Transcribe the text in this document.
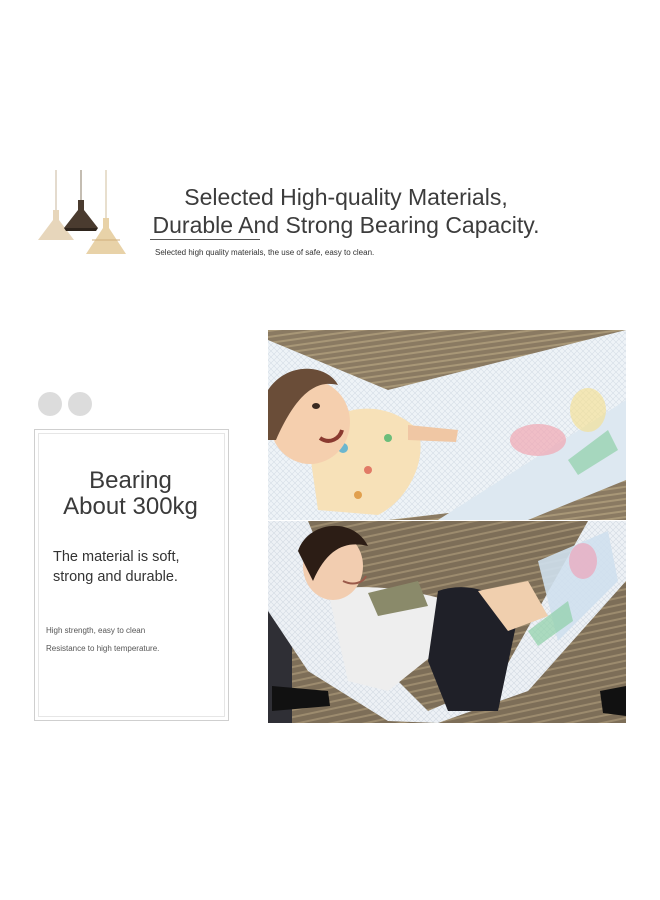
Selected High-quality Materials,
Durable And Strong Bearing Capacity.
Selected high quality materials, the use of safe, easy to clean.
Bearing
About 300kg
The material is soft,
strong and durable.
High strength, easy to clean
Resistance to high temperature.
